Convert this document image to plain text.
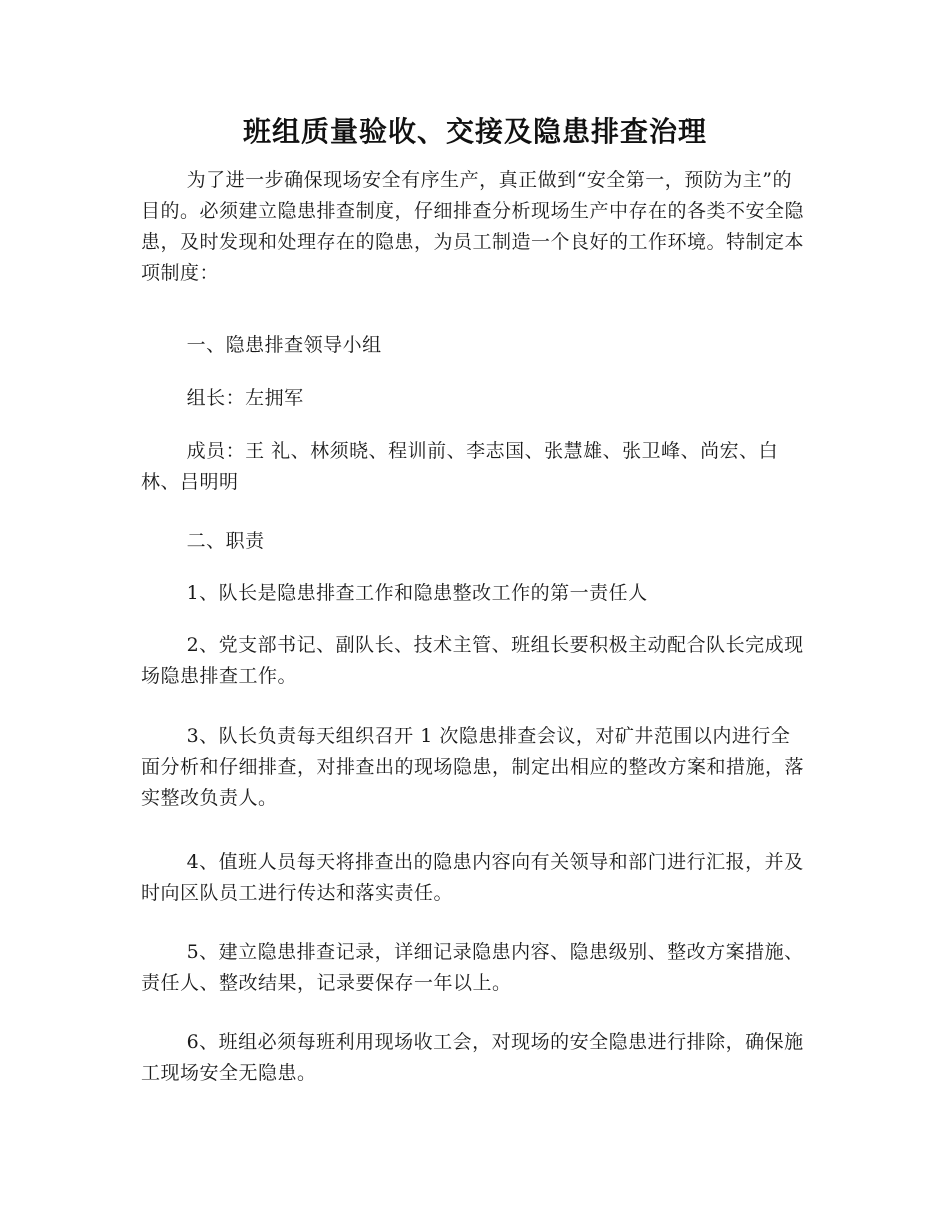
班组质量验收、交接及隐患排查治理
为了进一步确保现场安全有序生产，真正做到“安全第一，预防为主”的目的。必须建立隐患排查制度，仔细排查分析现场生产中存在的各类不安全隐患，及时发现和处理存在的隐患，为员工制造一个良好的工作环境。特制定本项制度：
一、隐患排查领导小组
组长：左拥军
成员：王 礼、林须晓、程训前、李志国、张慧雄、张卫峰、尚宏、白 林、吕明明
二、职责
1、队长是隐患排查工作和隐患整改工作的第一责任人
2、党支部书记、副队长、技术主管、班组长要积极主动配合队长完成现场隐患排查工作。
3、队长负责每天组织召开 1 次隐患排查会议，对矿井范围以内进行全面分析和仔细排查，对排查出的现场隐患，制定出相应的整改方案和措施，落实整改负责人。
4、值班人员每天将排查出的隐患内容向有关领导和部门进行汇报，并及时向区队员工进行传达和落实责任。
5、建立隐患排查记录，详细记录隐患内容、隐患级别、整改方案措施、责任人、整改结果，记录要保存一年以上。
6、班组必须每班利用现场收工会，对现场的安全隐患进行排除，确保施工现场安全无隐患。
